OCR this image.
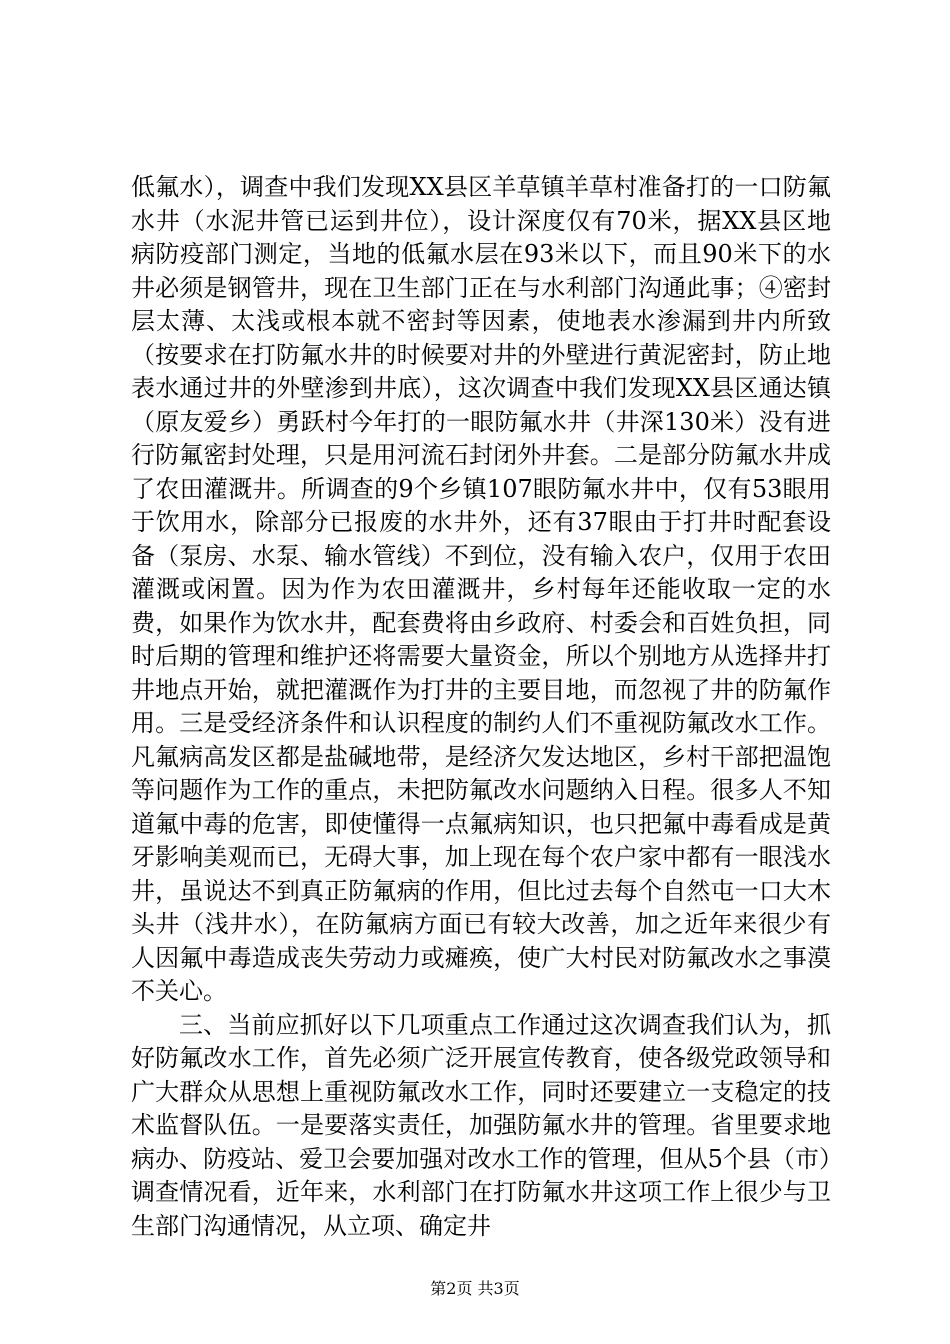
低氟水），调查中我们发现XX县区羊草镇羊草村准备打的一口防氟水井（水泥井管已运到井位），设计深度仅有70米，据XX县区地病防疫部门测定，当地的低氟水层在93米以下，而且90米下的水井必须是钢管井，现在卫生部门正在与水利部门沟通此事；④密封层太薄、太浅或根本就不密封等因素，使地表水渗漏到井内所致（按要求在打防氟水井的时候要对井的外壁进行黄泥密封，防止地表水通过井的外壁渗到井底），这次调查中我们发现XX县区通达镇（原友爱乡）勇跃村今年打的一眼防氟水井（井深130米）没有进行防氟密封处理，只是用河流石封闭外井套。二是部分防氟水井成了农田灌溉井。所调查的9个乡镇107眼防氟水井中，仅有53眼用于饮用水，除部分已报废的水井外，还有37眼由于打井时配套设备（泵房、水泵、输水管线）不到位，没有输入农户，仅用于农田灌溉或闲置。因为作为农田灌溉井，乡村每年还能收取一定的水费，如果作为饮水井，配套费将由乡政府、村委会和百姓负担，同时后期的管理和维护还将需要大量资金，所以个别地方从选择井打井地点开始，就把灌溉作为打井的主要目地，而忽视了井的防氟作用。三是受经济条件和认识程度的制约人们不重视防氟改水工作。凡氟病高发区都是盐碱地带，是经济欠发达地区，乡村干部把温饱等问题作为工作的重点，未把防氟改水问题纳入日程。很多人不知道氟中毒的危害，即使懂得一点氟病知识，也只把氟中毒看成是黄牙影响美观而已，无碍大事，加上现在每个农户家中都有一眼浅水井，虽说达不到真正防氟病的作用，但比过去每个自然屯一口大木头井（浅井水），在防氟病方面已有较大改善，加之近年来很少有人因氟中毒造成丧失劳动力或瘫痪，使广大村民对防氟改水之事漠不关心。

三、当前应抓好以下几项重点工作通过这次调查我们认为，抓好防氟改水工作，首先必须广泛开展宣传教育，使各级党政领导和广大群众从思想上重视防氟改水工作，同时还要建立一支稳定的技术监督队伍。一是要落实责任，加强防氟水井的管理。省里要求地病办、防疫站、爱卫会要加强对改水工作的管理，但从5个县（市）调查情况看，近年来，水利部门在打防氟水井这项工作上很少与卫生部门沟通情况，从立项、确定井

第2页 共3页
